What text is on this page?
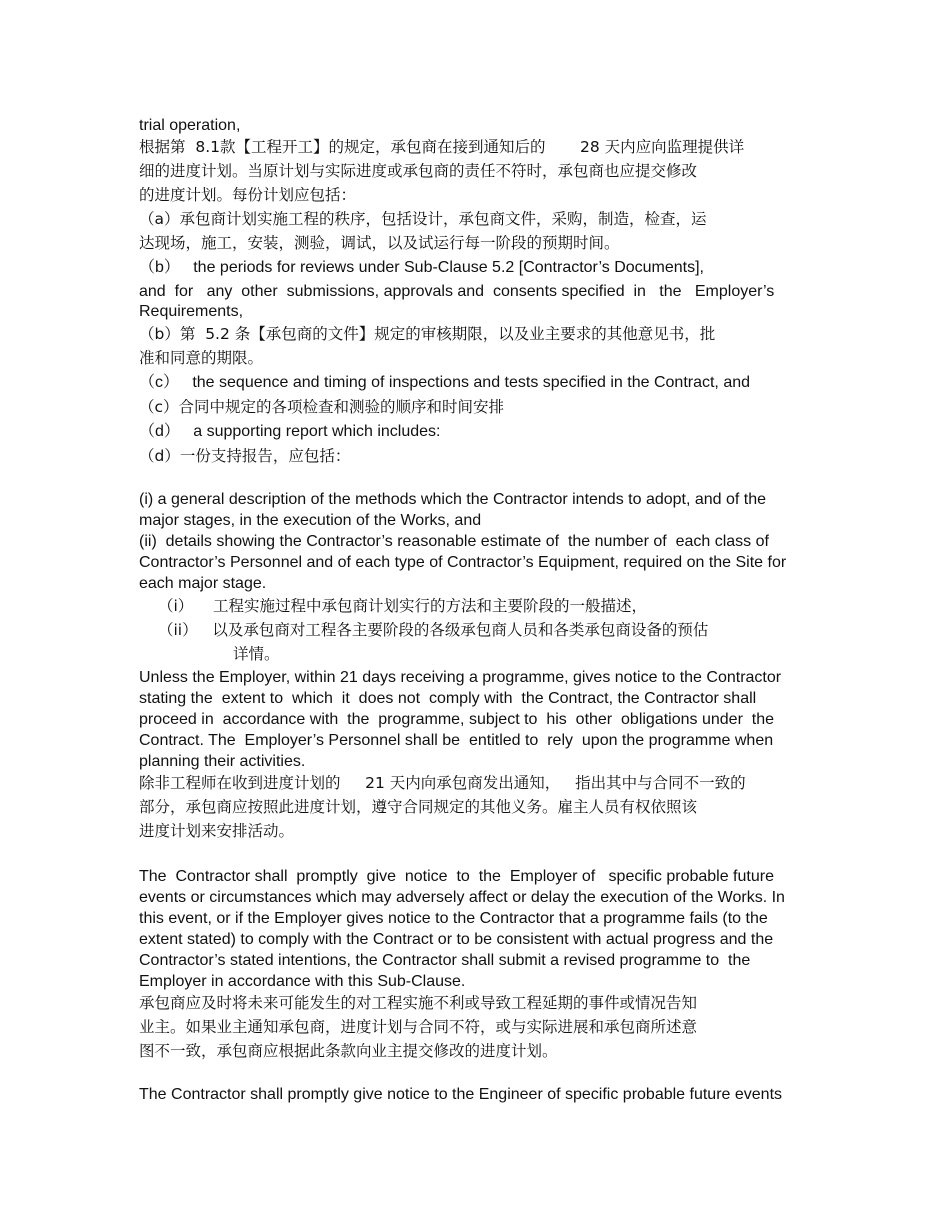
trial operation,
根据第  8.1款【工程开工】的规定，承包商在接到通知后的       28 天内应向监理提供详
细的进度计划。当原计划与实际进度或承包商的责任不符时，承包商也应提交修改
的进度计划。每份计划应包括：
（a）承包商计划实施工程的秩序，包括设计，承包商文件，采购，制造，检查，运
达现场，施工，安装，测验，调试，以及试运行每一阶段的预期时间。
（b）   the periods for reviews under Sub-Clause 5.2 [Contractor’s Documents],
and  for   any  other  submissions, approvals and  consents specified  in   the   Employer’s
Requirements,
（b）第  5.2 条【承包商的文件】规定的审核期限，以及业主要求的其他意见书，批
准和同意的期限。
（c）   the sequence and timing of inspections and tests specified in the Contract, and
（c）合同中规定的各项检查和测验的顺序和时间安排
（d）   a supporting report which includes:
（d）一份支持报告，应包括：
(i) a general description of the methods which the Contractor intends to adopt, and of the
major stages, in the execution of the Works, and
(ii)  details showing the Contractor’s reasonable estimate of  the number of  each class of
Contractor’s Personnel and of each type of Contractor’s Equipment, required on the Site for
each major stage.
（i）    工程实施过程中承包商计划实行的方法和主要阶段的一般描述，
（ii）   以及承包商对工程各主要阶段的各级承包商人员和各类承包商设备的预估
详情。
Unless the Employer, within 21 days receiving a programme, gives notice to the Contractor
stating the  extent to  which  it  does not  comply with  the Contract, the Contractor shall
proceed in  accordance with  the  programme, subject to  his  other  obligations under  the
Contract. The  Employer’s Personnel shall be  entitled to  rely  upon the programme when
planning their activities.
除非工程师在收到进度计划的     21 天内向承包商发出通知，   指出其中与合同不一致的
部分，承包商应按照此进度计划，遵守合同规定的其他义务。雇主人员有权依照该
进度计划来安排活动。
The  Contractor shall  promptly  give  notice  to  the  Employer of   specific probable future
events or circumstances which may adversely affect or delay the execution of the Works. In
this event, or if the Employer gives notice to the Contractor that a programme fails (to the
extent stated) to comply with the Contract or to be consistent with actual progress and the
Contractor’s stated intentions, the Contractor shall submit a revised programme to  the
Employer in accordance with this Sub-Clause.
承包商应及时将未来可能发生的对工程实施不利或导致工程延期的事件或情况告知
业主。如果业主通知承包商，进度计划与合同不符，或与实际进展和承包商所述意
图不一致，承包商应根据此条款向业主提交修改的进度计划。
The Contractor shall promptly give notice to the Engineer of specific probable future events
